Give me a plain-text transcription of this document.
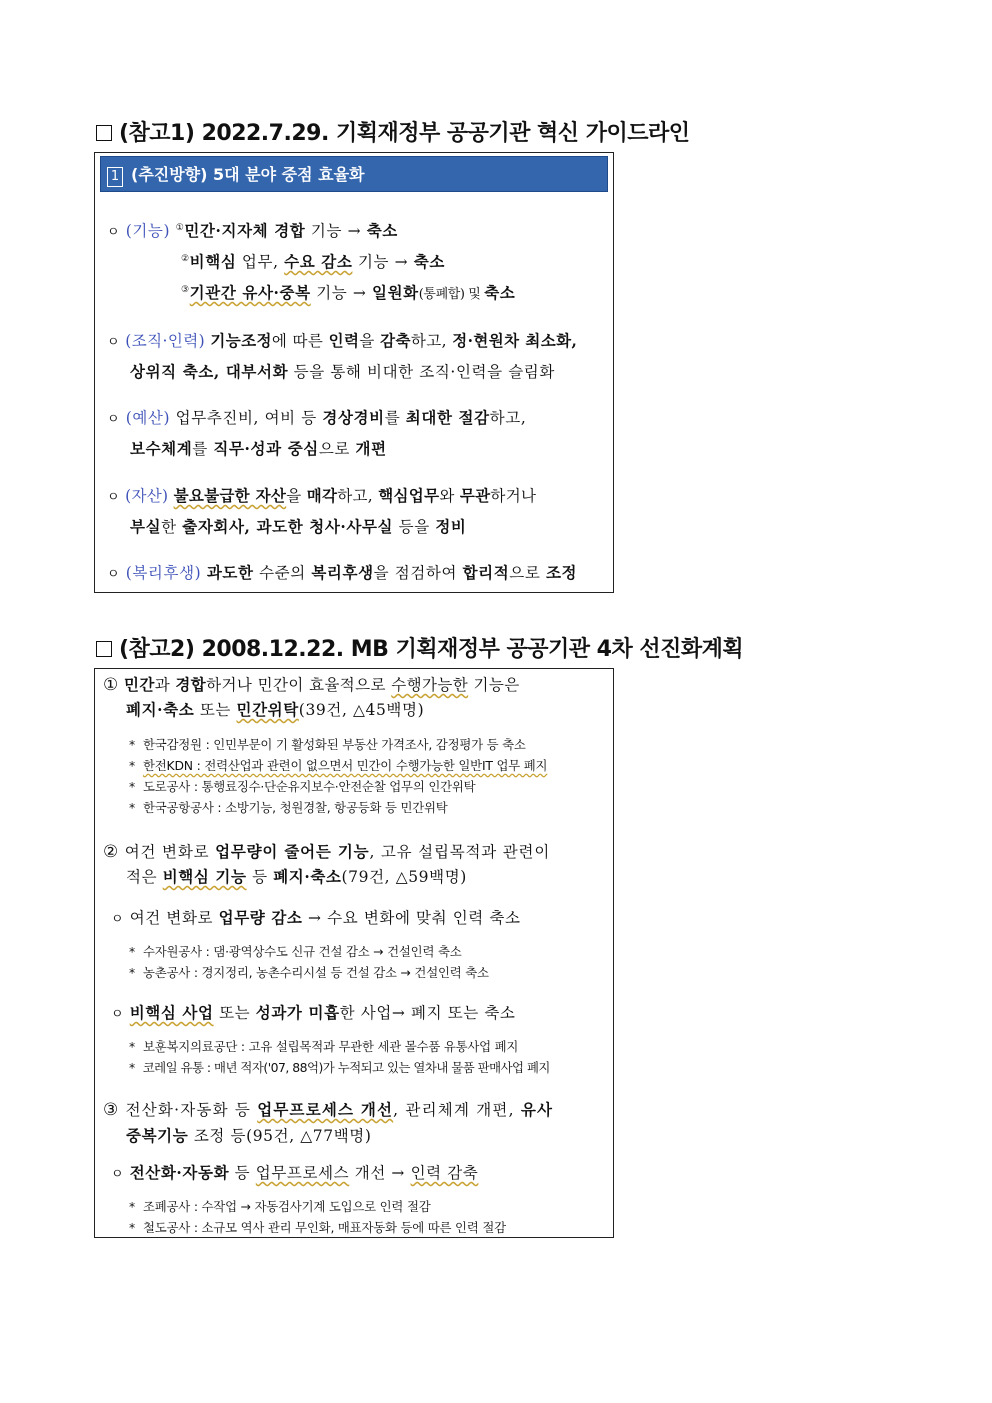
(참고1) 2022.7.29. 기획재정부 공공기관 혁신 가이드라인
1 (추진방향) 5대 분야 중점 효율화
ㅇ (기능) ①민간·지자체 경합 기능 → 축소
②비핵심 업무, 수요 감소 기능 → 축소
③기관간 유사·중복 기능 → 일원화(통폐합) 및 축소
ㅇ (조직·인력) 기능조정에 따른 인력을 감축하고, 정·현원차 최소화,
상위직 축소, 대부서화 등을 통해 비대한 조직·인력을 슬림화
ㅇ (예산) 업무추진비, 여비 등 경상경비를 최대한 절감하고,
보수체계를 직무·성과 중심으로 개편
ㅇ (자산) 불요불급한 자산을 매각하고, 핵심업무와 무관하거나
부실한 출자회사, 과도한 청사·사무실 등을 정비
ㅇ (복리후생) 과도한 수준의 복리후생을 점검하여 합리적으로 조정
(참고2) 2008.12.22. MB 기획재정부 공공기관 4차 선진화계획
① 민간과 경합하거나 민간이 효율적으로 수행가능한 기능은
폐지·축소 또는 민간위탁(39건, △45백명)
* 한국감정원 : 인민부문이 기 활성화된 부동산 가격조사, 감정평가 등 축소
* 한전KDN : 전력산업과 관련이 없으면서 민간이 수행가능한 일반IT 업무 폐지
* 도로공사 : 통행료징수·단순유지보수·안전순찰 업무의 인간위탁
* 한국공항공사 : 소방기능, 청원경찰, 항공등화 등 민간위탁
② 여건 변화로 업무량이 줄어든 기능, 고유 설립목적과 관련이
적은 비핵심 기능 등 폐지·축소(79건, △59백명)
ㅇ 여건 변화로 업무량 감소 → 수요 변화에 맞춰 인력 축소
* 수자원공사 : 댐·광역상수도 신규 건설 감소 → 건설인력 축소
* 농촌공사 : 경지정리, 농촌수리시설 등 건설 감소 → 건설인력 축소
ㅇ 비핵심 사업 또는 성과가 미흡한 사업→ 폐지 또는 축소
* 보훈복지의료공단 : 고유 설립목적과 무관한 세관 몰수품 유통사업 폐지
* 코레일 유통 : 매년 적자('07, 88억)가 누적되고 있는 열차내 물품 판매사업 폐지
③ 전산화·자동화 등 업무프로세스 개선, 관리체계 개편, 유사
중복기능 조정 등(95건, △77백명)
ㅇ 전산화·자동화 등 업무프로세스 개선 → 인력 감축
* 조폐공사 : 수작업 → 자동검사기계 도입으로 인력 절감
* 철도공사 : 소규모 역사 관리 무인화, 매표자동화 등에 따른 인력 절감
